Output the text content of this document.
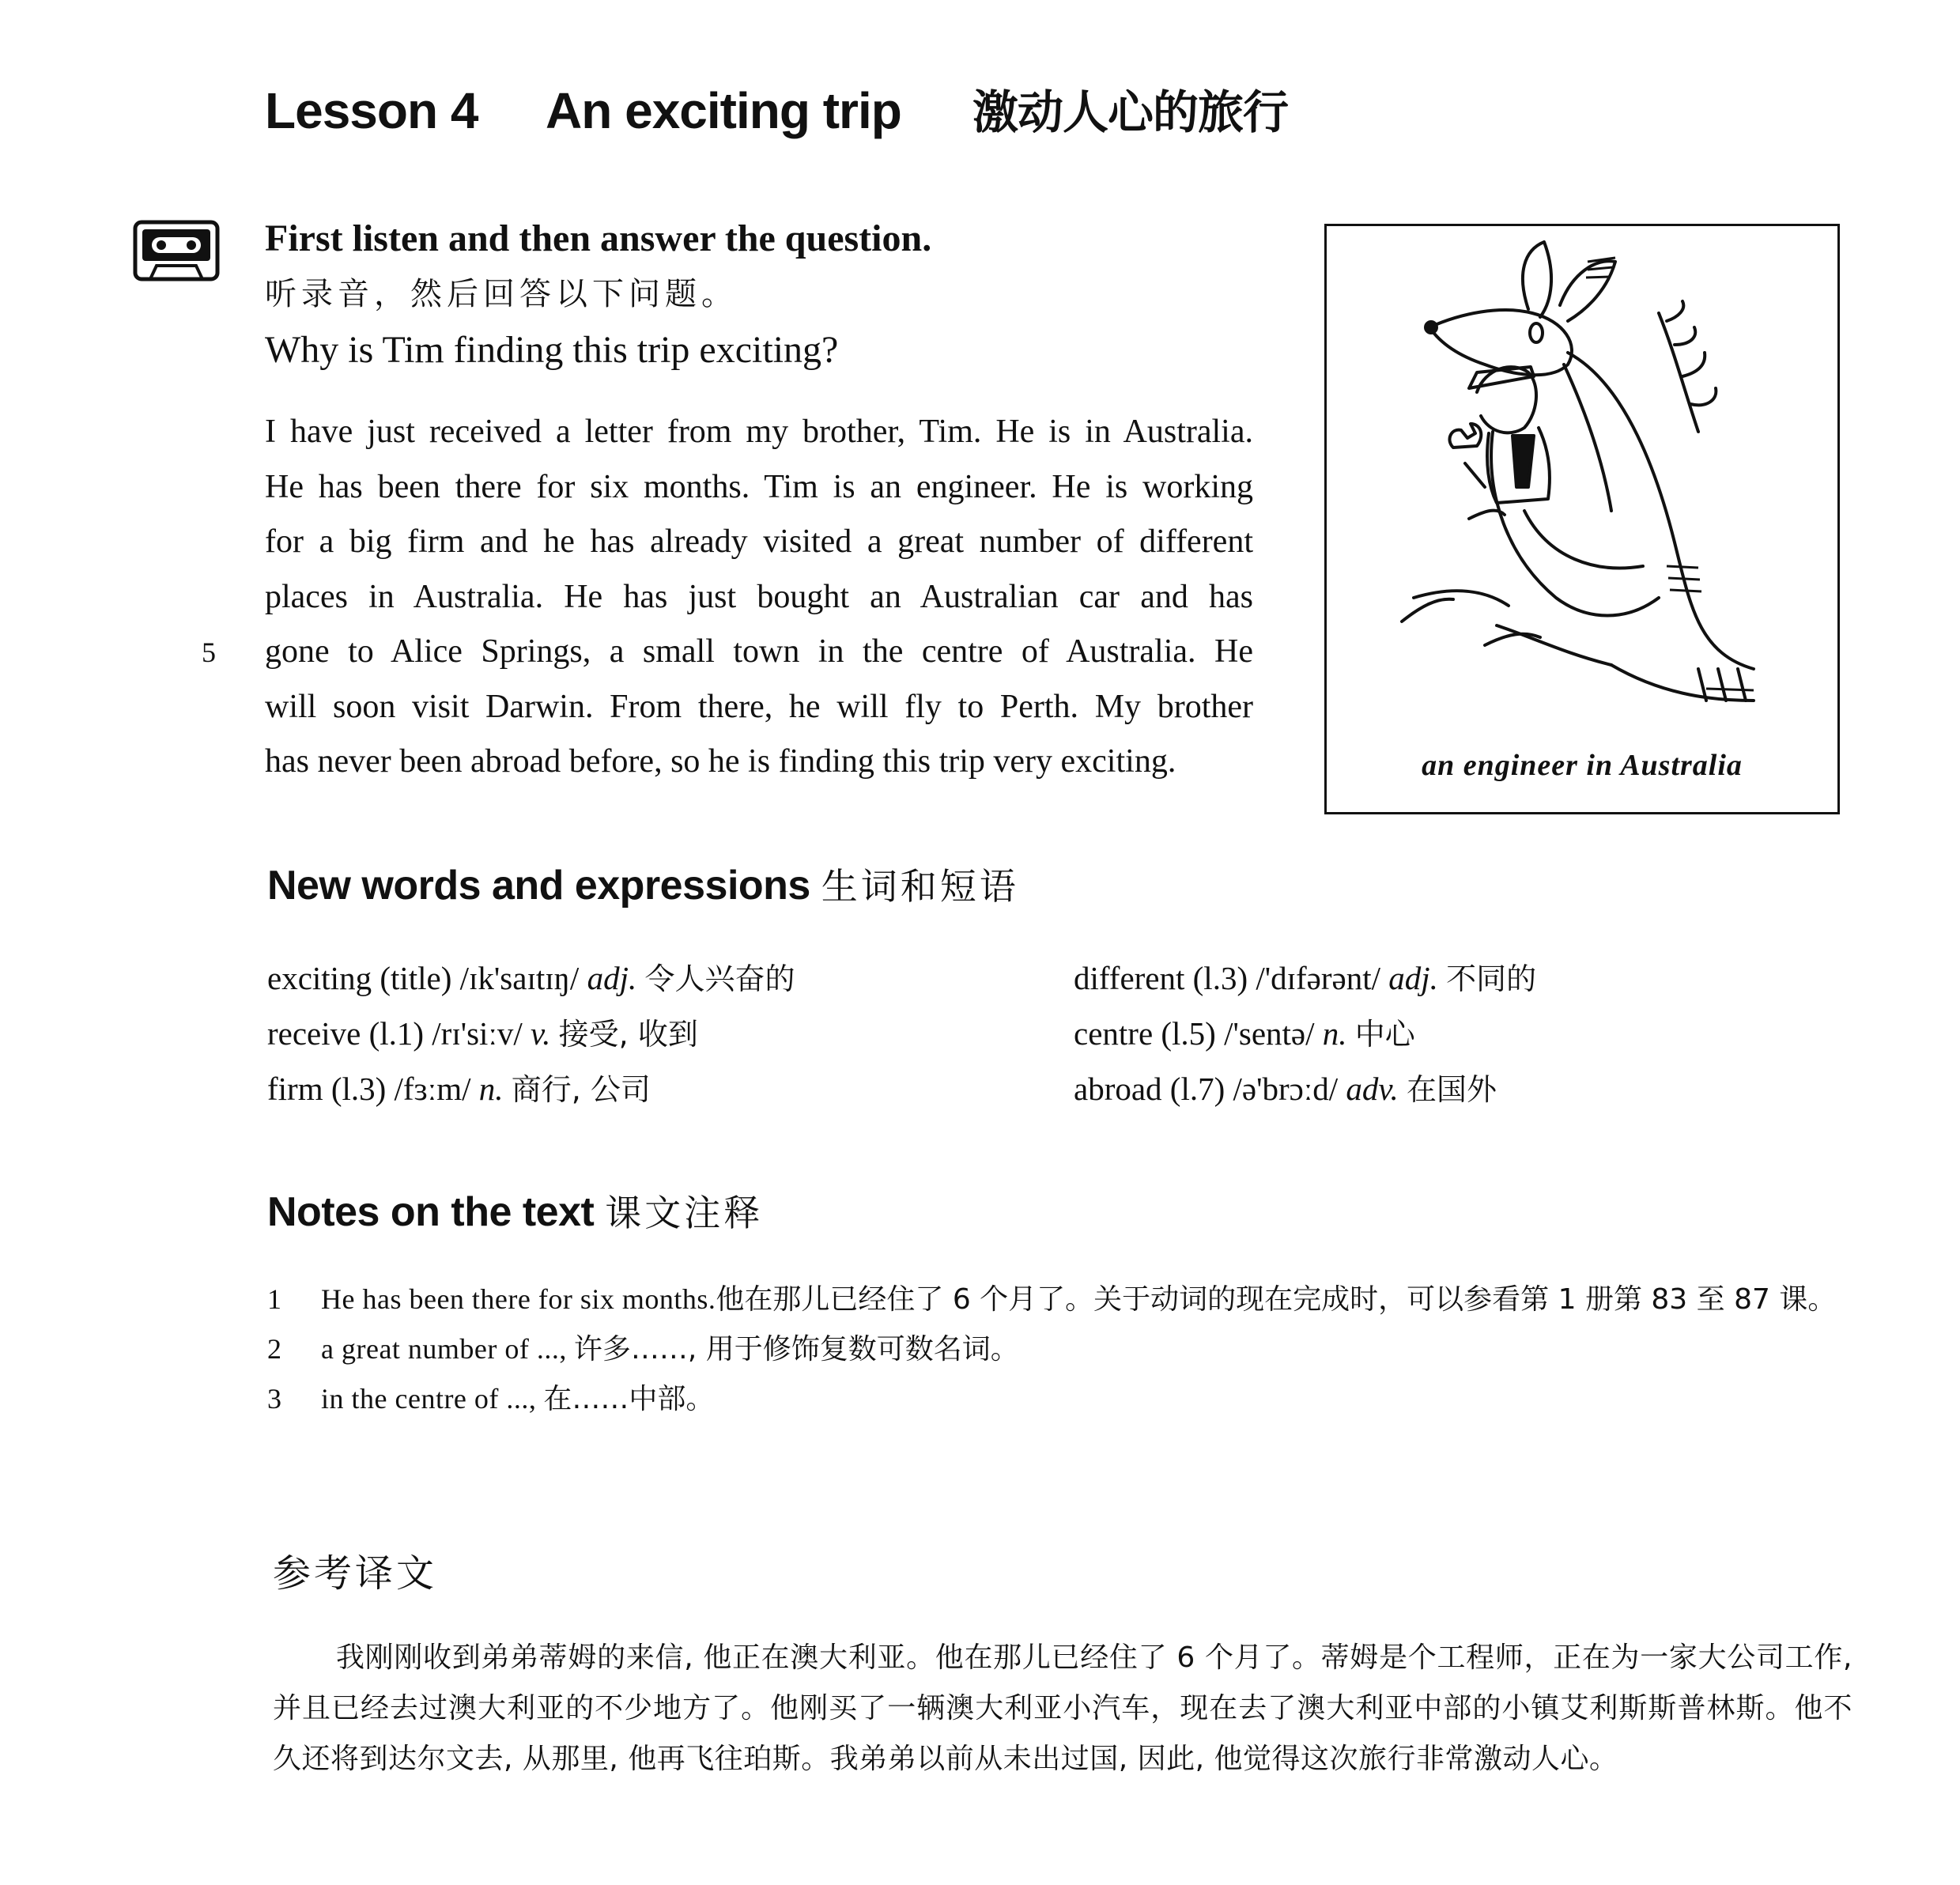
Lesson 4 An exciting trip 激动人心的旅行
First listen and then answer the question.
听录音，然后回答以下问题。
Why is Tim finding this trip exciting?
I have just received a letter from my brother, Tim. He is in Australia.
He has been there for six months. Tim is an engineer. He is working
for a big firm and he has already visited a great number of different
places in Australia. He has just bought an Australian car and has
gone to Alice Springs, a small town in the centre of Australia. He
will soon visit Darwin. From there, he will fly to Perth. My brother
has never been abroad before, so he is finding this trip very exciting.
5
an engineer in Australia
New words and expressions 生词和短语
exciting (title) /ɪk'saɪtɪŋ/ adj. 令人兴奋的
receive (l.1) /rɪ'siːv/ v. 接受, 收到
firm (l.3) /fɜːm/ n. 商行, 公司
different (l.3) /'dɪfərənt/ adj. 不同的
centre (l.5) /'sentə/ n. 中心
abroad (l.7) /ə'brɔːd/ adv. 在国外
Notes on the text 课文注释
1 He has been there for six months.他在那儿已经住了 6 个月了。关于动词的现在完成时，可以参看第 1 册第 83 至 87 课。
2 a great number of ..., 许多……, 用于修饰复数可数名词。
3 in the centre of ..., 在……中部。
参考译文

我刚刚收到弟弟蒂姆的来信, 他正在澳大利亚。他在那儿已经住了 6 个月了。蒂姆是个工程师，正在为一家大公司工作, 并且已经去过澳大利亚的不少地方了。他刚买了一辆澳大利亚小汽车，现在去了澳大利亚中部的小镇艾利斯斯普林斯。他不久还将到达尔文去, 从那里, 他再飞往珀斯。我弟弟以前从未出过国, 因此, 他觉得这次旅行非常激动人心。
